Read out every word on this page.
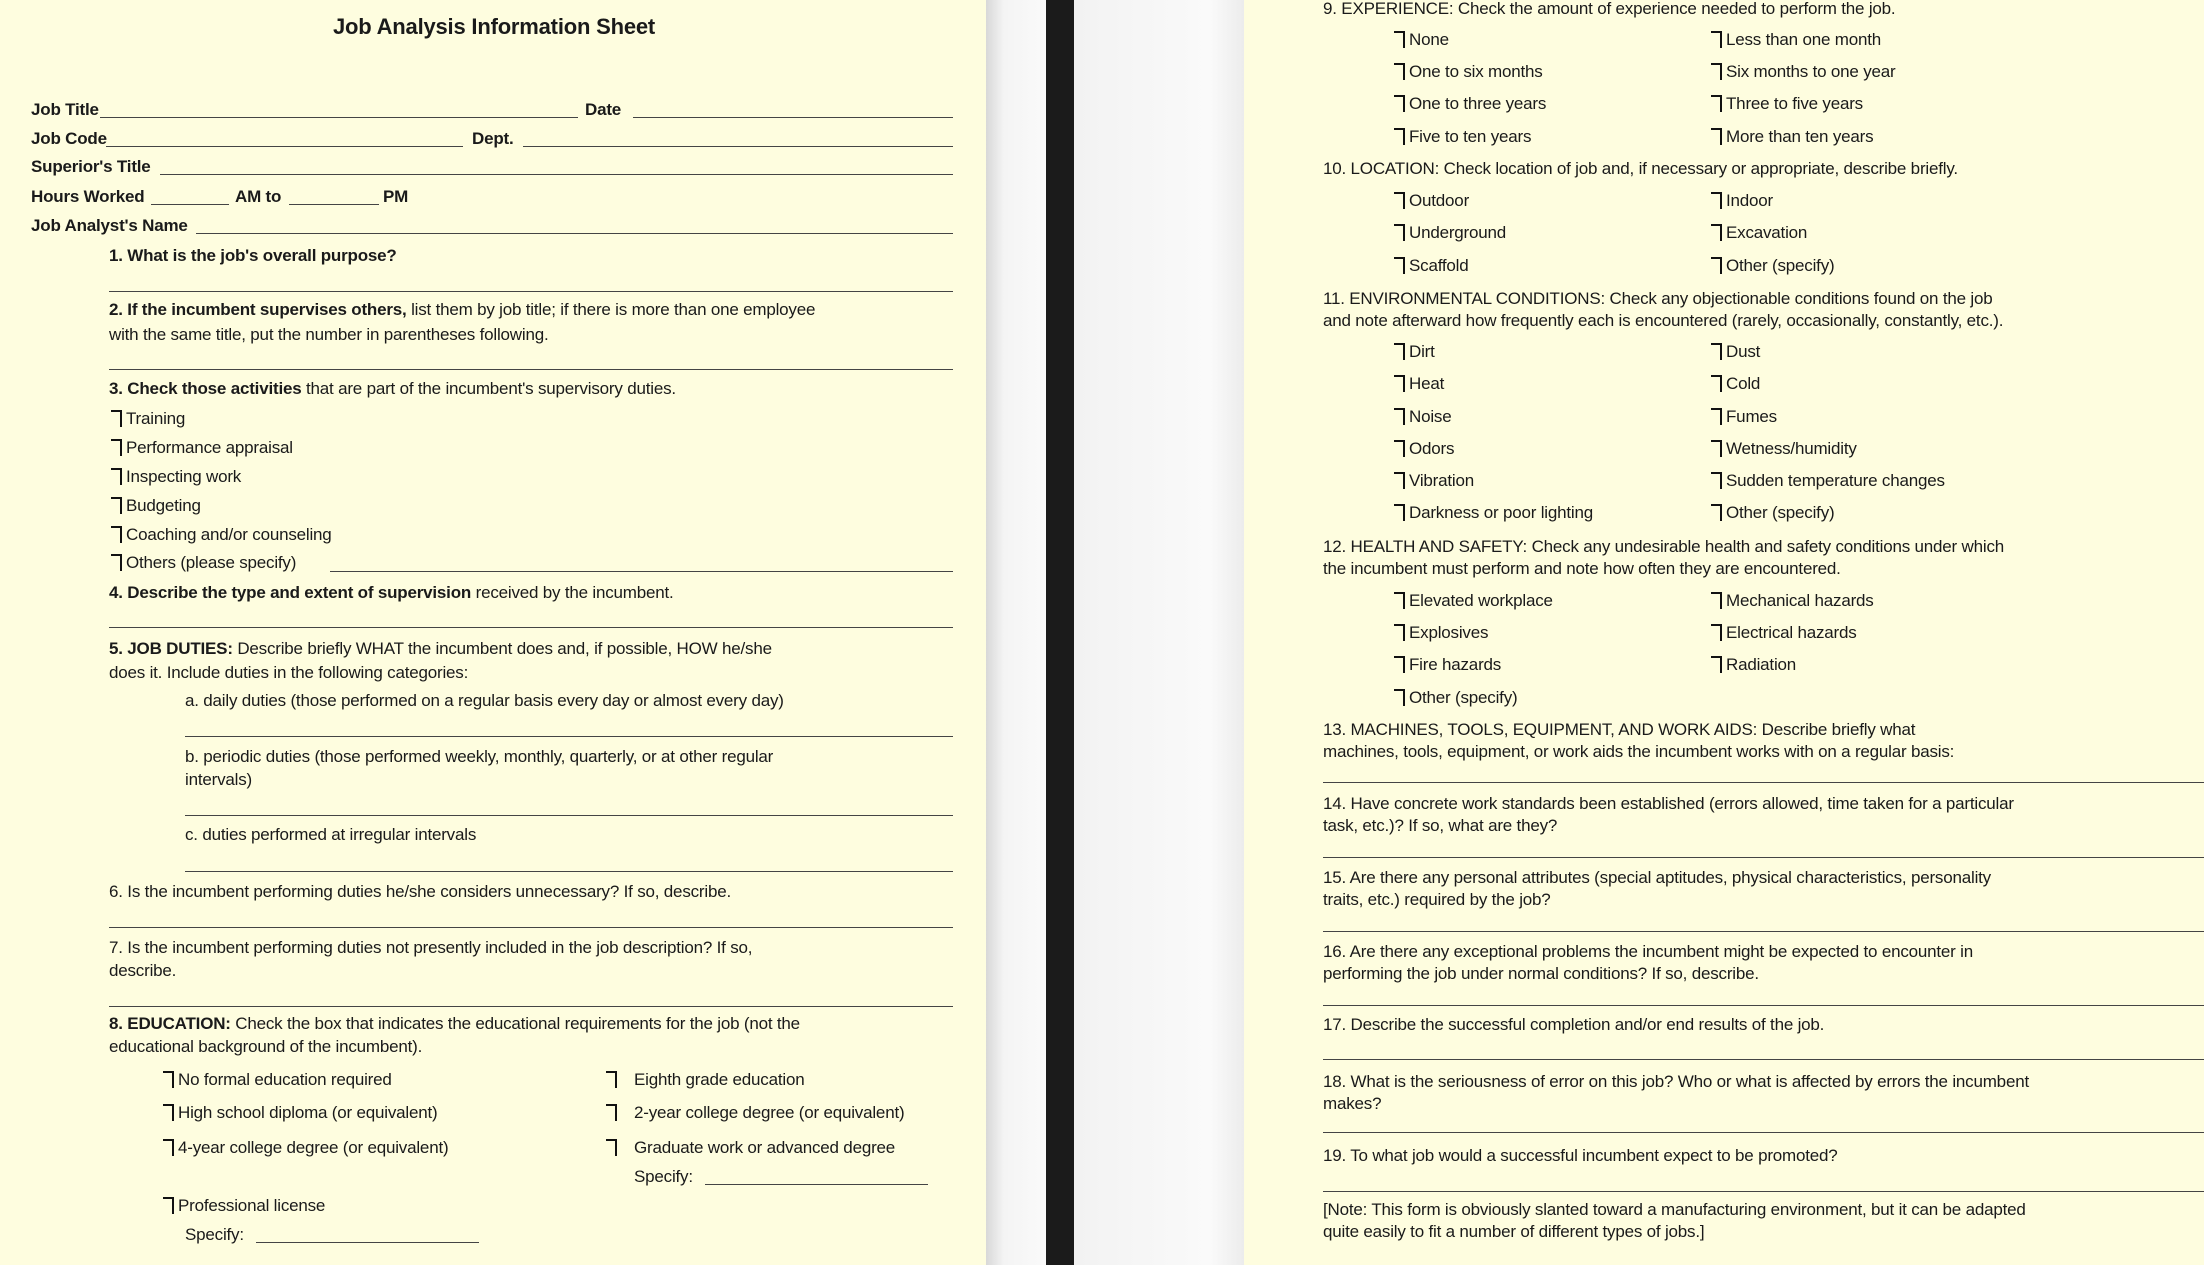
Job Analysis Information Sheet
Job Title	Date
Job Code	Dept.
Superior's Title
Hours Worked	AM to	PM
Job Analyst's Name
1. What is the job's overall purpose?
2. If the incumbent supervises others, list them by job title; if there is more than one employee
with the same title, put the number in parentheses following.
3. Check those activities that are part of the incumbent's supervisory duties.
Training
Performance appraisal
Inspecting work
Budgeting
Coaching and/or counseling
Others (please specify)
4. Describe the type and extent of supervision received by the incumbent.
5. JOB DUTIES: Describe briefly WHAT the incumbent does and, if possible, HOW he/she
does it. Include duties in the following categories:
a. daily duties (those performed on a regular basis every day or almost every day)
b. periodic duties (those performed weekly, monthly, quarterly, or at other regular
intervals)
c. duties performed at irregular intervals
6. Is the incumbent performing duties he/she considers unnecessary? If so, describe.
7. Is the incumbent performing duties not presently included in the job description? If so,
describe.
8. EDUCATION: Check the box that indicates the educational requirements for the job (not the
educational background of the incumbent).
No formal education required	Eighth grade education
High school diploma (or equivalent)	2-year college degree (or equivalent)
4-year college degree (or equivalent)	Graduate work or advanced degree
Specify:
Professional license
Specify:
9. EXPERIENCE: Check the amount of experience needed to perform the job.
None	Less than one month
One to six months	Six months to one year
One to three years	Three to five years
Five to ten years	More than ten years
10. LOCATION: Check location of job and, if necessary or appropriate, describe briefly.
Outdoor	Indoor
Underground	Excavation
Scaffold	Other (specify)
11. ENVIRONMENTAL CONDITIONS: Check any objectionable conditions found on the job
and note afterward how frequently each is encountered (rarely, occasionally, constantly, etc.).
Dirt	Dust
Heat	Cold
Noise	Fumes
Odors	Wetness/humidity
Vibration	Sudden temperature changes
Darkness or poor lighting	Other (specify)
12. HEALTH AND SAFETY: Check any undesirable health and safety conditions under which
the incumbent must perform and note how often they are encountered.
Elevated workplace	Mechanical hazards
Explosives	Electrical hazards
Fire hazards	Radiation
Other (specify)
13. MACHINES, TOOLS, EQUIPMENT, AND WORK AIDS: Describe briefly what
machines, tools, equipment, or work aids the incumbent works with on a regular basis:
14. Have concrete work standards been established (errors allowed, time taken for a particular
task, etc.)? If so, what are they?
15. Are there any personal attributes (special aptitudes, physical characteristics, personality
traits, etc.) required by the job?
16. Are there any exceptional problems the incumbent might be expected to encounter in
performing the job under normal conditions? If so, describe.
17. Describe the successful completion and/or end results of the job.
18. What is the seriousness of error on this job? Who or what is affected by errors the incumbent
makes?
19. To what job would a successful incumbent expect to be promoted?
[Note: This form is obviously slanted toward a manufacturing environment, but it can be adapted
quite easily to fit a number of different types of jobs.]
